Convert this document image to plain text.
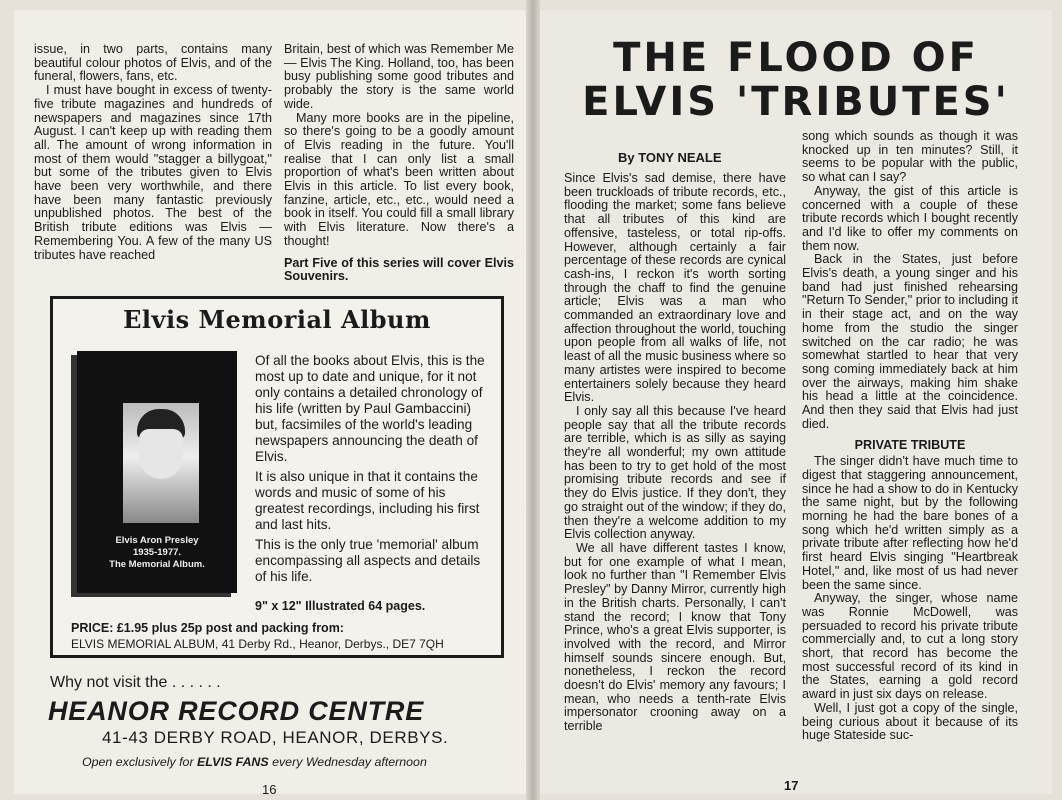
issue, in two parts, contains many beautiful colour photos of Elvis, and of the funeral, flowers, fans, etc.

I must have bought in excess of twenty-five tribute magazines and hundreds of newspapers and magazines since 17th August. I can't keep up with reading them all. The amount of wrong information in most of them would "stagger a billygoat," but some of the tributes given to Elvis have been very worthwhile, and there have been many fantastic previously unpublished photos. The best of the British tribute editions was Elvis — Remembering You. A few of the many US tributes have reached

Britain, best of which was Remember Me — Elvis The King. Holland, too, has been busy publishing some good tributes and probably the story is the same world wide.

Many more books are in the pipeline, so there's going to be a goodly amount of Elvis reading in the future. You'll realise that I can only list a small proportion of what's been written about Elvis in this article. To list every book, fanzine, article, etc., etc., would need a book in itself. You could fill a small library with Elvis literature. Now there's a thought!

Part Five of this series will cover Elvis Souvenirs.

Elvis Memorial Album
Elvis Aron Presley
1935-1977.
The Memorial Album.

Of all the books about Elvis, this is the most up to date and unique, for it not only contains a detailed chronology of his life (written by Paul Gambaccini) but, facsimiles of the world's leading newspapers announcing the death of Elvis.

It is also unique in that it contains the words and music of some of his greatest recordings, including his first and last hits.

This is the only true 'memorial' album encompassing all aspects and details of his life.

9" x 12" Illustrated 64 pages.
PRICE: £1.95 plus 25p post and packing from:
ELVIS MEMORIAL ALBUM, 41 Derby Rd., Heanor, Derbys., DE7 7QH
Why not visit the . . . . . .
HEANOR RECORD CENTRE
41-43 DERBY ROAD, HEANOR, DERBYS.
Open exclusively for ELVIS FANS every Wednesday afternoon
16
THE FLOOD OF
ELVIS 'TRIBUTES'
By TONY NEALE

Since Elvis's sad demise, there have been truckloads of tribute records, etc., flooding the market; some fans believe that all tributes of this kind are offensive, tasteless, or total rip-offs. However, although certainly a fair percentage of these records are cynical cash-ins, I reckon it's worth sorting through the chaff to find the genuine article; Elvis was a man who commanded an extraordinary love and affection throughout the world, touching upon people from all walks of life, not least of all the music business where so many artistes were inspired to become entertainers solely because they heard Elvis.

I only say all this because I've heard people say that all the tribute records are terrible, which is as silly as saying they're all wonderful; my own attitude has been to try to get hold of the most promising tribute records and see if they do Elvis justice. If they don't, they go straight out of the window; if they do, then they're a welcome addition to my Elvis collection anyway.

We all have different tastes I know, but for one example of what I mean, look no further than "I Remember Elvis Presley" by Danny Mirror, currently high in the British charts. Personally, I can't stand the record; I know that Tony Prince, who's a great Elvis supporter, is involved with the record, and Mirror himself sounds sincere enough. But, nonetheless, I reckon the record doesn't do Elvis' memory any favours; I mean, who needs a tenth-rate Elvis impersonator crooning away on a terrible

song which sounds as though it was knocked up in ten minutes? Still, it seems to be popular with the public, so what can I say?

Anyway, the gist of this article is concerned with a couple of these tribute records which I bought recently and I'd like to offer my comments on them now.

Back in the States, just before Elvis's death, a young singer and his band had just finished rehearsing "Return To Sender," prior to including it in their stage act, and on the way home from the studio the singer switched on the car radio; he was somewhat startled to hear that very song coming immediately back at him over the airways, making him shake his head a little at the coincidence. And then they said that Elvis had just died.

PRIVATE TRIBUTE

The singer didn't have much time to digest that staggering announcement, since he had a show to do in Kentucky the same night, but by the following morning he had the bare bones of a song which he'd written simply as a private tribute after reflecting how he'd first heard Elvis singing "Heartbreak Hotel," and, like most of us had never been the same since.

Anyway, the singer, whose name was Ronnie McDowell, was persuaded to record his private tribute commercially and, to cut a long story short, that record has become the most successful record of its kind in the States, earning a gold record award in just six days on release.

Well, I just got a copy of the single, being curious about it because of its huge Stateside suc-

17
